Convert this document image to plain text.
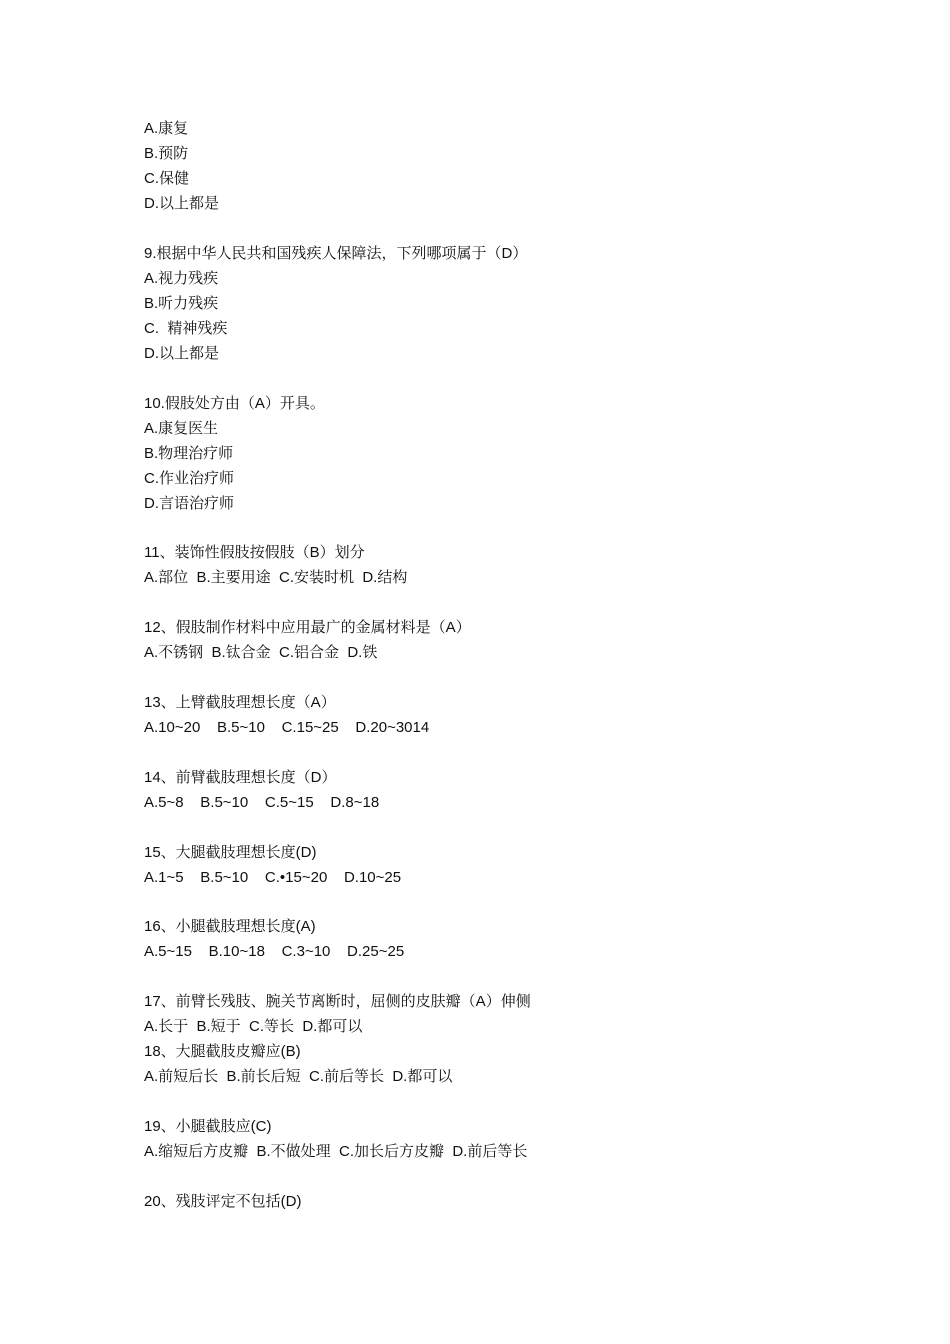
A.康复
B.预防
C.保健
D.以上都是
9.根据中华人民共和国残疾人保障法，下列哪项属于（D）
A.视力残疾
B.听力残疾
C.  精神残疾
D.以上都是
10.假肢处方由（A）开具。
A.康复医生
B.物理治疗师
C.作业治疗师
D.言语治疗师
11、装饰性假肢按假肢（B）划分
A.部位  B.主要用途  C.安装时机  D.结构
12、假肢制作材料中应用最广的金属材料是（A）
A.不锈钢  B.钛合金  C.铝合金  D.铁
13、上臂截肢理想长度（A）
A.10~20    B.5~10    C.15~25    D.20~3014
14、前臂截肢理想长度（D）
A.5~8    B.5~10    C.5~15    D.8~18
15、大腿截肢理想长度(D)
A.1~5    B.5~10    C.•15~20    D.10~25
16、小腿截肢理想长度(A)
A.5~15    B.10~18    C.3~10    D.25~25
17、前臂长残肢、腕关节离断时，屈侧的皮肤瓣（A）伸侧
A.长于  B.短于  C.等长  D.都可以
18、大腿截肢皮瓣应(B)
A.前短后长  B.前长后短  C.前后等长  D.都可以
19、小腿截肢应(C)
A.缩短后方皮瓣  B.不做处理  C.加长后方皮瓣  D.前后等长
20、残肢评定不包括(D)
